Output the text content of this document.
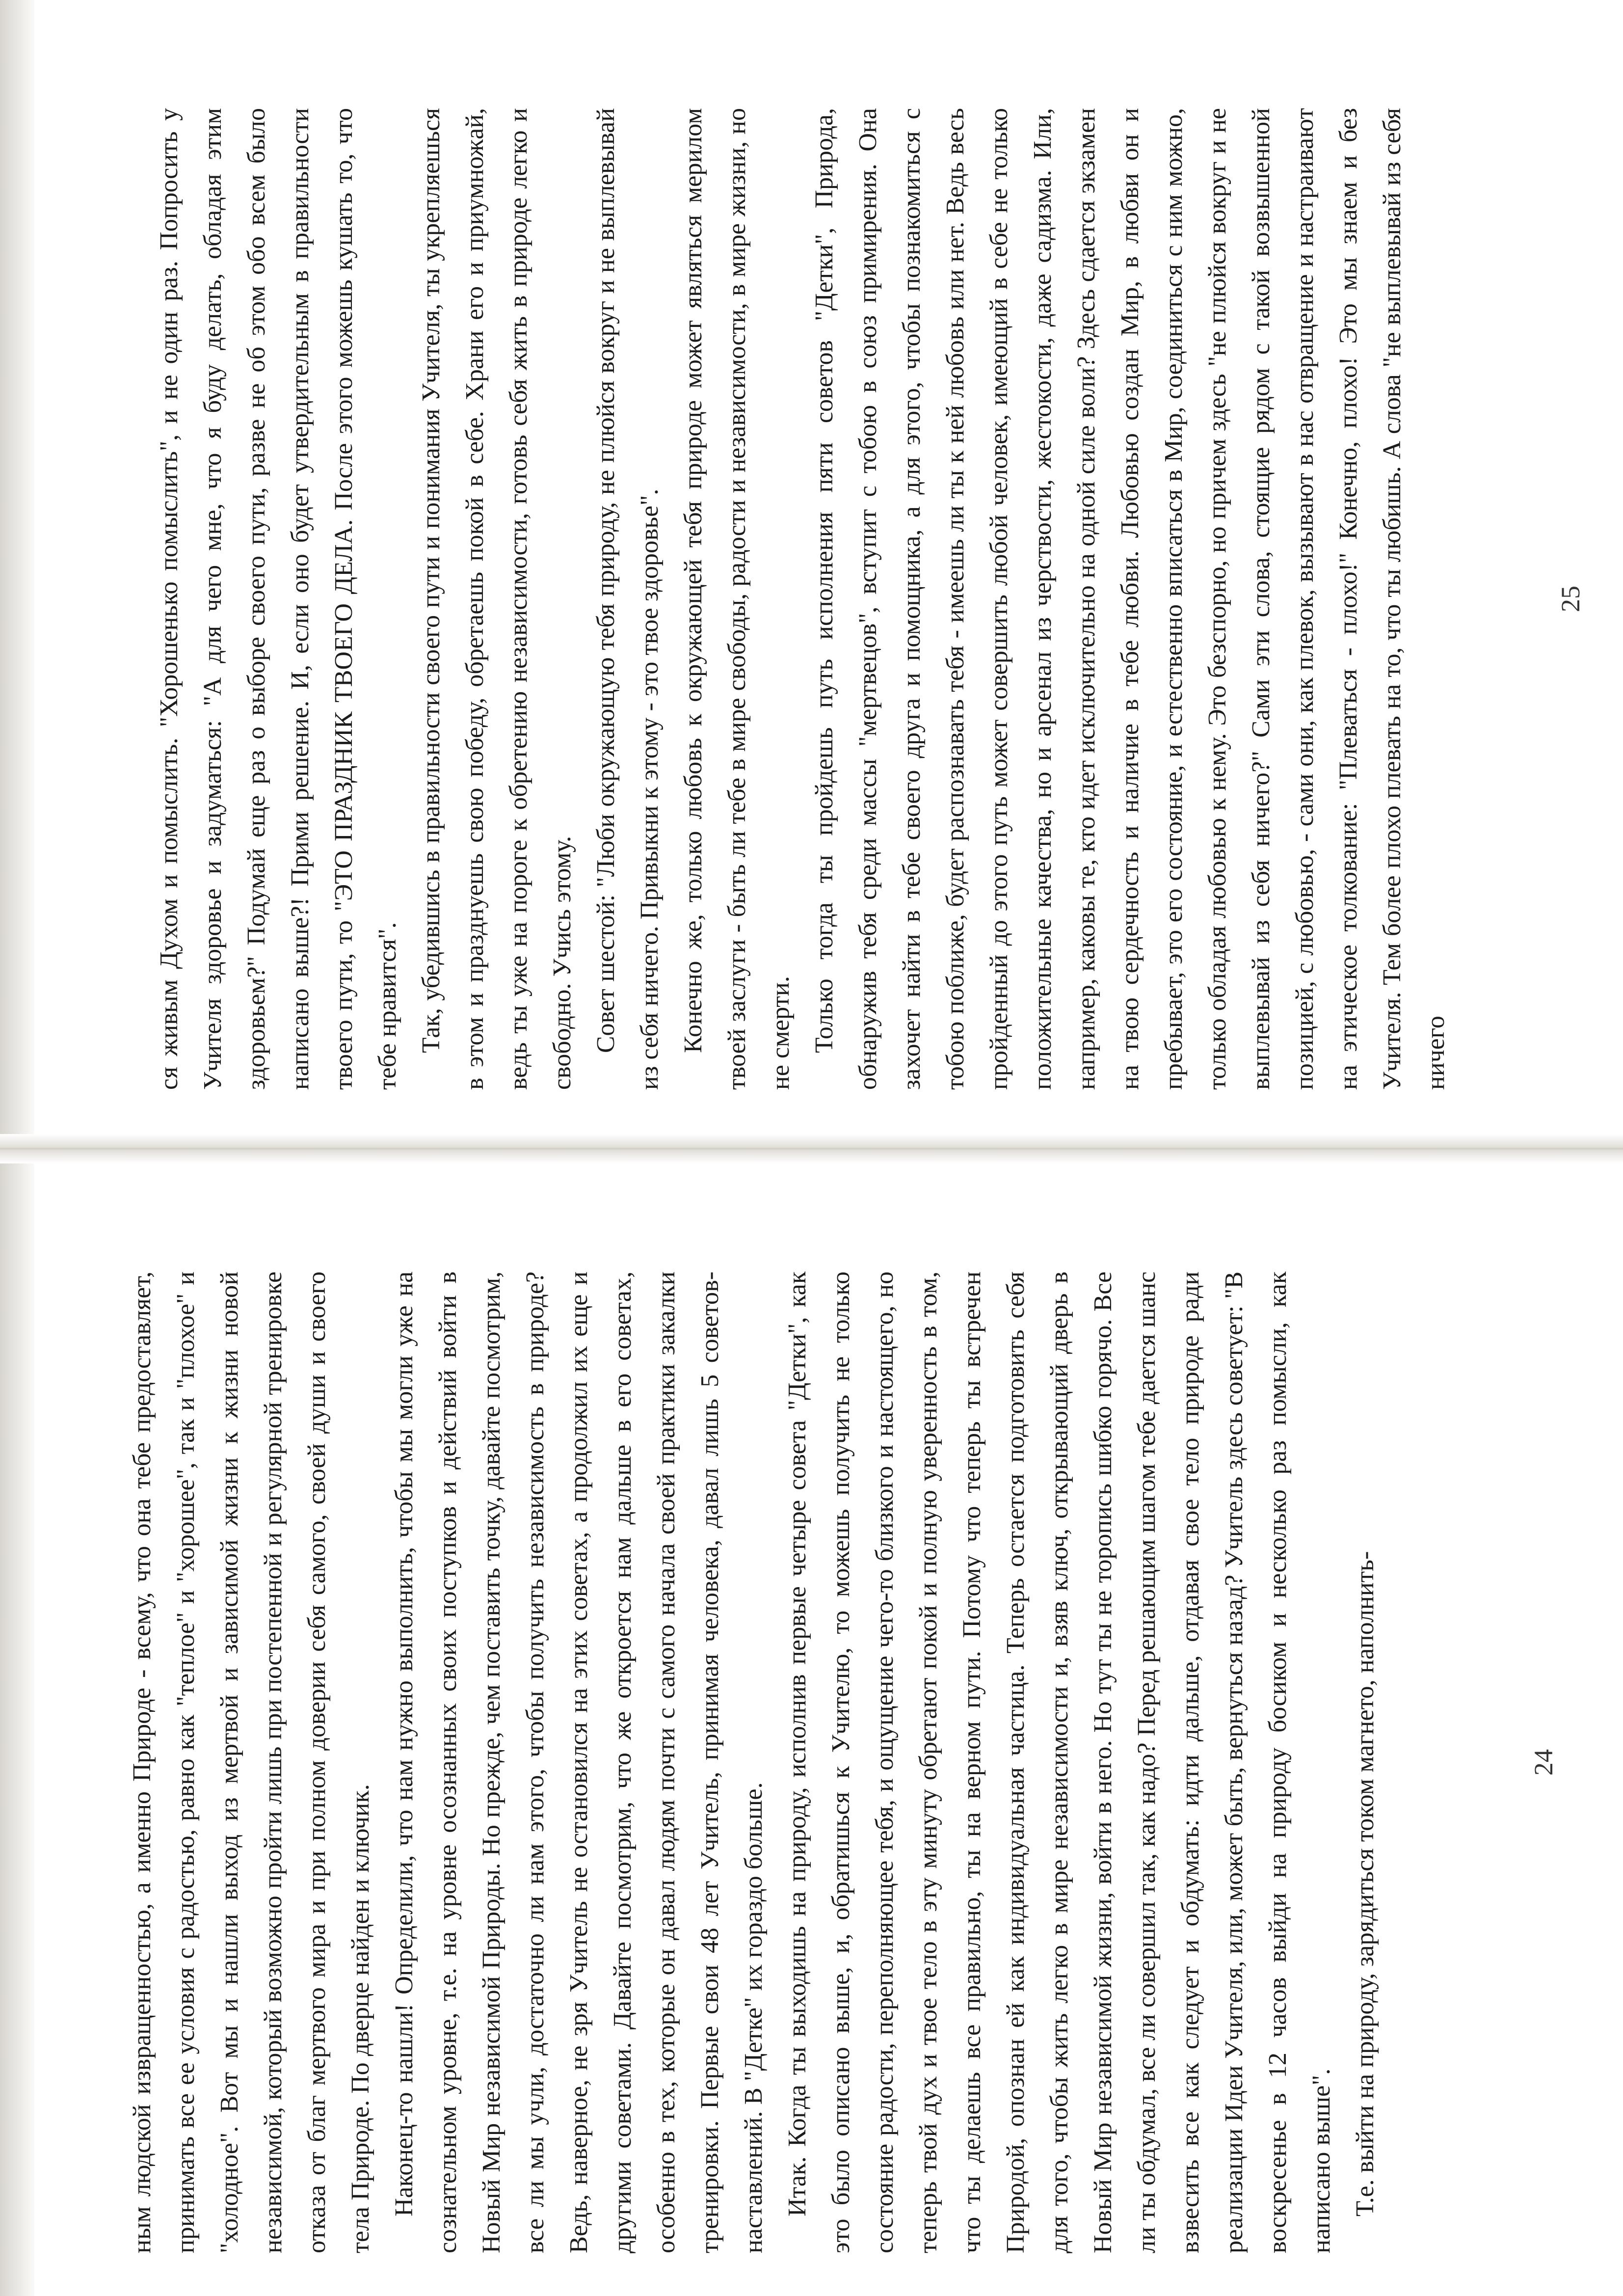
ся живым Духом и помыслить. "Хорошенько помыслить", и не один раз. Попросить у Учителя здоровье и задуматься: "А для чего мне, что я буду делать, обладая этим здоровьем?" Подумай еще раз о выборе своего пути, разве не об этом обо всем было написано выше?! Прими решение. И, если оно будет утвердительным в правильности твоего пути, то "ЭТО ПРАЗДНИК ТВОЕГО ДЕЛА. После этого можешь кушать то, что тебе нравится". Так, убедившись в правильности своего пути и понимания Учителя, ты укрепляешься в этом и празднуешь свою победу, обретаешь покой в себе. Храни его и приумножай, ведь ты уже на пороге к обретению независимости, готовь себя жить в природе легко и свободно. Учись этому. Совет шестой: "Люби окружающую тебя природу, не плюйся вокруг и не выплевывай из себя ничего. Привыкни к этому - это твое здоровье". Конечно же, только любовь к окружающей тебя природе может являться мерилом твоей заслуги - быть ли тебе в мире свободы, радости и независимости, в мире жизни, но не смерти. Только тогда ты пройдешь путь исполнения пяти советов "Детки", Природа, обнаружив тебя среди массы "мертвецов", вступит с тобою в союз примирения. Она захочет найти в тебе своего друга и помощника, а для этого, чтобы познакомиться с тобою поближе, будет распознавать тебя - имеешь ли ты к ней любовь или нет. Ведь весь пройденный до этого путь может совершить любой человек, имеющий в себе не только положительные качества, но и арсенал из черствости, жестокости, даже садизма. Или, например, каковы те, кто идет исключительно на одной силе воли? Здесь сдается экзамен на твою сердечность и наличие в тебе любви. Любовью создан Мир, в любви он и пребывает, это его состояние, и естественно вписаться в Мир, соединиться с ним можно, только обладая любовью к нему. Это безспорно, но причем здесь "не плюйся вокруг и не выплевывай из себя ничего?" Сами эти слова, стоящие рядом с такой возвышенной позицией, с любовью, - сами они, как плевок, вызывают в нас отвращение и настраивают на этическое толкование: "Плеваться - плохо!" Конечно, плохо! Это мы знаем и без Учителя. Тем более плохо плевать на то, что ты любишь. А слова "не выплевывай из себя ничего

25

ным людской извращенностью, а именно Природе - всему, что она тебе предоставляет, принимать все ее условия с радостью, равно как "теплое" и "хорошее", так и "плохое" и "холодное". Вот мы и нашли выход из мертвой и зависимой жизни к жизни новой независимой, который возможно пройти лишь при постепенной и регулярной тренировке отказа от благ мертвого мира и при полном доверии себя самого, своей души и своего тела Природе. По дверце найден и ключик. Наконец-то нашли! Определили, что нам нужно выполнить, чтобы мы могли уже на сознательном уровне, т.е. на уровне осознанных своих поступков и действий войти в Новый Мир независимой Природы. Но прежде, чем поставить точку, давайте посмотрим, все ли мы учли, достаточно ли нам этого, чтобы получить независимость в природе? Ведь, наверное, не зря Учитель не остановился на этих советах, а продолжил их еще и другими советами. Давайте посмотрим, что же откроется нам дальше в его советах, особенно в тех, которые он давал людям почти с самого начала своей практики закалки тренировки. Первые свои 48 лет Учитель, принимая человека, давал лишь 5 советов-наставлений. В "Детке" их гораздо больше. Итак. Когда ты выходишь на природу, исполнив первые четыре совета "Детки", как это было описано выше, и, обратишься к Учителю, то можешь получить не только состояние радости, переполняющее тебя, и ощущение чего-то близкого и настоящего, но теперь твой дух и твое тело в эту минуту обретают покой и полную уверенность в том, что ты делаешь все правильно, ты на верном пути. Потому что теперь ты встречен Природой, опознан ей как индивидуальная частица. Теперь остается подготовить себя для того, чтобы жить легко в мире независимости и, взяв ключ, открывающий дверь в Новый Мир независимой жизни, войти в него. Но тут ты не торопись шибко горячо. Все ли ты обдумал, все ли совершил так, как надо? Перед решающим шагом тебе дается шанс взвесить все как следует и обдумать: идти дальше, отдавая свое тело природе ради реализации Идеи Учителя, или, может быть, вернуться назад? Учитель здесь советует: "В воскресенье в 12 часов выйди на природу босиком и несколько раз помысли, как написано выше". Т.е. выйти на природу, зарядиться током магнето, наполнить-	24
